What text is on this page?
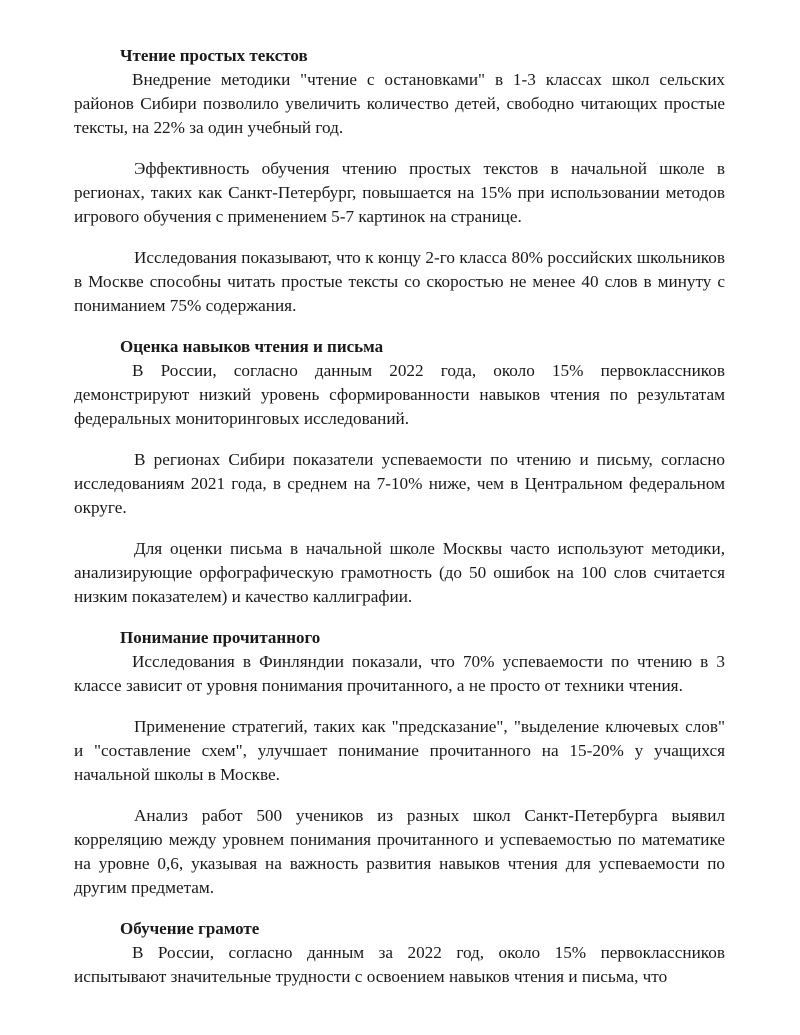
Чтение простых текстов

Внедрение методики "чтение с остановками" в 1-3 классах школ сельских районов Сибири позволило увеличить количество детей, свободно читающих простые тексты, на 22% за один учебный год.

Эффективность обучения чтению простых текстов в начальной школе в регионах, таких как Санкт-Петербург, повышается на 15% при использовании методов игрового обучения с применением 5-7 картинок на странице.

Исследования показывают, что к концу 2-го класса 80% российских школьников в Москве способны читать простые тексты со скоростью не менее 40 слов в минуту с пониманием 75% содержания.

Оценка навыков чтения и письма

В России, согласно данным 2022 года, около 15% первоклассников демонстрируют низкий уровень сформированности навыков чтения по результатам федеральных мониторинговых исследований.

В регионах Сибири показатели успеваемости по чтению и письму, согласно исследованиям 2021 года, в среднем на 7-10% ниже, чем в Центральном федеральном округе.

Для оценки письма в начальной школе Москвы часто используют методики, анализирующие орфографическую грамотность (до 50 ошибок на 100 слов считается низким показателем) и качество каллиграфии.

Понимание прочитанного

Исследования в Финляндии показали, что 70% успеваемости по чтению в 3 классе зависит от уровня понимания прочитанного, а не просто от техники чтения.

Применение стратегий, таких как "предсказание", "выделение ключевых слов" и "составление схем", улучшает понимание прочитанного на 15-20% у учащихся начальной школы в Москве.

Анализ работ 500 учеников из разных школ Санкт-Петербурга выявил корреляцию между уровнем понимания прочитанного и успеваемостью по математике на уровне 0,6, указывая на важность развития навыков чтения для успеваемости по другим предметам.

Обучение грамоте

В России, согласно данным за 2022 год, около 15% первоклассников испытывают значительные трудности с освоением навыков чтения и письма, что
